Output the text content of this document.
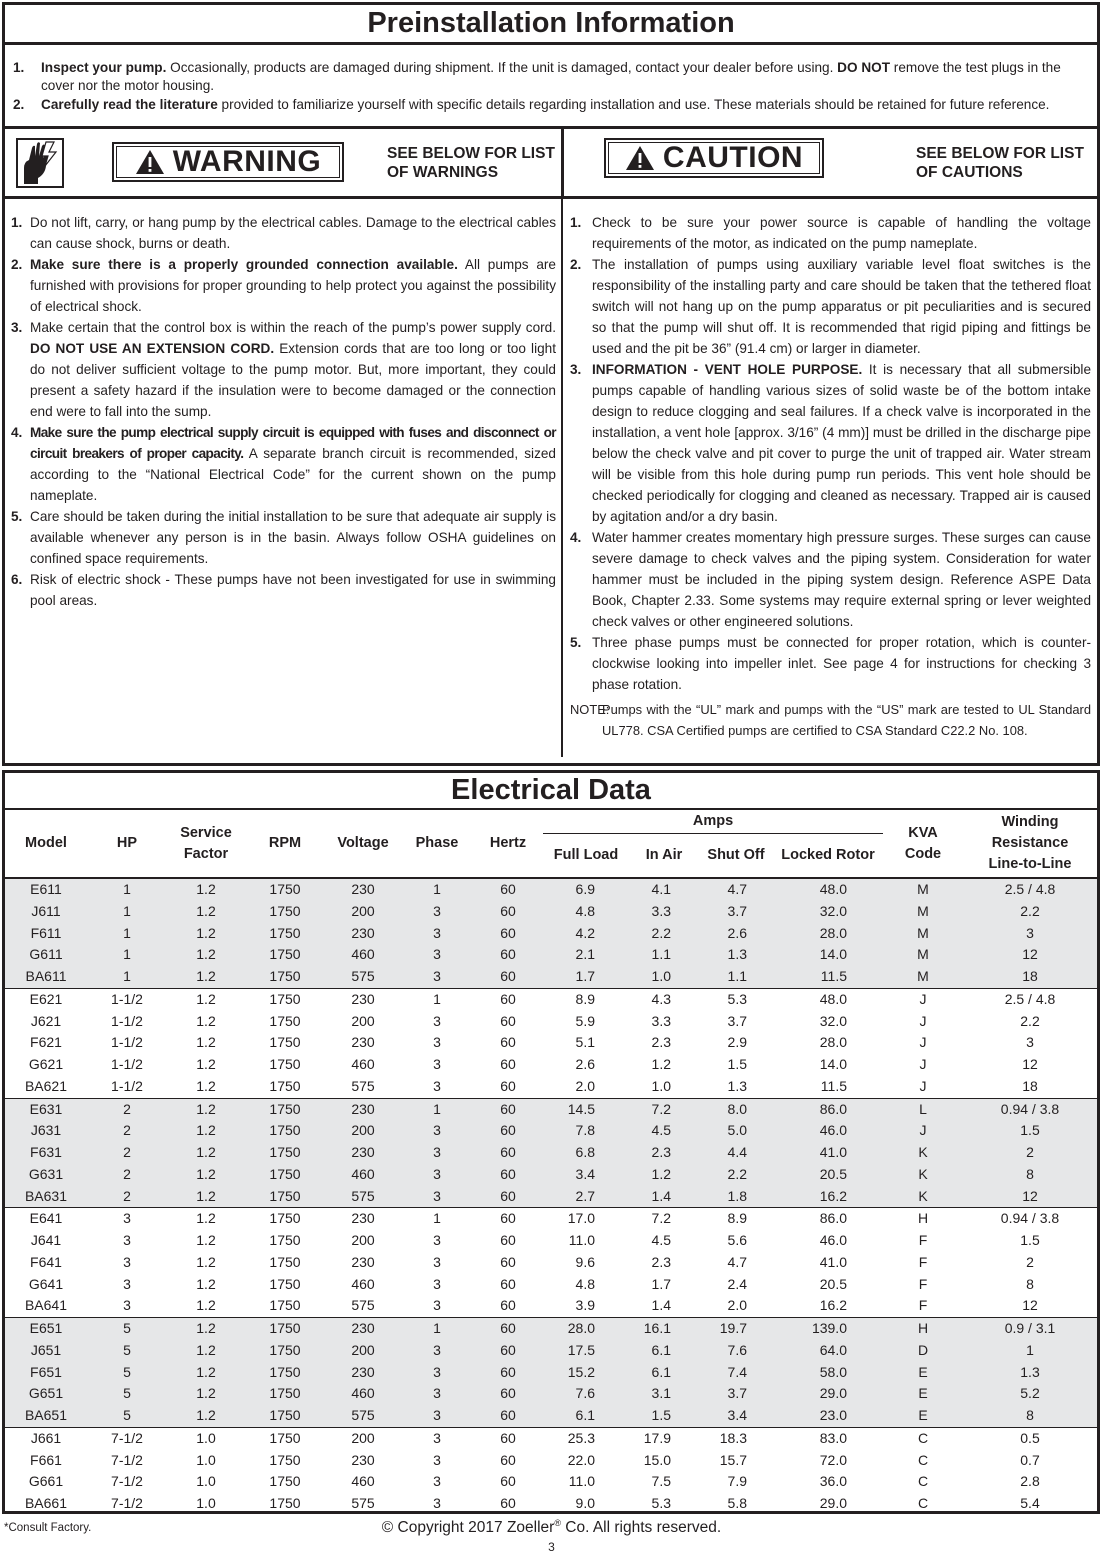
Preinstallation Information
1.	Inspect your pump. Occasionally, products are damaged during shipment. If the unit is damaged, contact your dealer before using. DO NOT remove the test plugs in the cover nor the motor housing.
2.	Carefully read the literature provided to familiarize yourself with specific details regarding installation and use. These materials should be retained for future reference.
WARNING	SEE BELOW FOR LIST OF WARNINGS	CAUTION	SEE BELOW FOR LIST OF CAUTIONS
1. Do not lift, carry, or hang pump by the electrical cables. Damage to the electrical cables can cause shock, burns or death.
2. Make sure there is a properly grounded connection available. All pumps are furnished with provisions for proper grounding to help protect you against the possibility of electrical shock.
3. Make certain that the control box is within the reach of the pump’s power supply cord. DO NOT USE AN EXTENSION CORD. Extension cords that are too long or too light do not deliver sufficient voltage to the pump motor. But, more important, they could present a safety hazard if the insulation were to become damaged or the connection end were to fall into the sump.
4. Make sure the pump electrical supply circuit is equipped with fuses and disconnect or circuit breakers of proper capacity. A separate branch circuit is recommended, sized according to the “National Electrical Code” for the current shown on the pump nameplate.
5. Care should be taken during the initial installation to be sure that adequate air supply is available whenever any person is in the basin. Always follow OSHA guidelines on confined space requirements.
6. Risk of electric shock - These pumps have not been investigated for use in swimming pool areas.
1. Check to be sure your power source is capable of handling the voltage requirements of the motor, as indicated on the pump nameplate.
2. The installation of pumps using auxiliary variable level float switches is the responsibility of the installing party and care should be taken that the tethered float switch will not hang up on the pump apparatus or pit peculiarities and is secured so that the pump will shut off. It is recommended that rigid piping and fittings be used and the pit be 36” (91.4 cm) or larger in diameter.
3. INFORMATION - VENT HOLE PURPOSE. It is necessary that all submersible pumps capable of handling various sizes of solid waste be of the bottom intake design to reduce clogging and seal failures. If a check valve is incorporated in the installation, a vent hole [approx. 3/16” (4 mm)] must be drilled in the discharge pipe below the check valve and pit cover to purge the unit of trapped air. Water stream will be visible from this hole during pump run periods. This vent hole should be checked periodically for clogging and cleaned as necessary. Trapped air is caused by agitation and/or a dry basin.
4. Water hammer creates momentary high pressure surges. These surges can cause severe damage to check valves and the piping system. Consideration for water hammer must be included in the piping system design. Reference ASPE Data Book, Chapter 2.33. Some systems may require external spring or lever weighted check valves or other engineered solutions.
5. Three phase pumps must be connected for proper rotation, which is counter-clockwise looking into impeller inlet. See page 4 for instructions for checking 3 phase rotation.
NOTE:
Pumps with the “UL” mark and pumps with the “US” mark are tested to UL Standard UL778. CSA Certified pumps are certified to CSA Standard C22.2 No. 108.
Electrical Data
Model	HP	Service Factor	RPM	Voltage	Phase	Hertz	Amps				KVA Code	Winding Resistance Line-to-Line
							Full Load	In Air	Shut Off	Locked Rotor		
E611	1	1.2	1750	230	1	60	6.9	4.1	4.7	48.0	M	2.5 / 4.8
J611	1	1.2	1750	200	3	60	4.8	3.3	3.7	32.0	M	2.2
F611	1	1.2	1750	230	3	60	4.2	2.2	2.6	28.0	M	3
G611	1	1.2	1750	460	3	60	2.1	1.1	1.3	14.0	M	12
BA611	1	1.2	1750	575	3	60	1.7	1.0	1.1	11.5	M	18
E621	1-1/2	1.2	1750	230	1	60	8.9	4.3	5.3	48.0	J	2.5 / 4.8
J621	1-1/2	1.2	1750	200	3	60	5.9	3.3	3.7	32.0	J	2.2
F621	1-1/2	1.2	1750	230	3	60	5.1	2.3	2.9	28.0	J	3
G621	1-1/2	1.2	1750	460	3	60	2.6	1.2	1.5	14.0	J	12
BA621	1-1/2	1.2	1750	575	3	60	2.0	1.0	1.3	11.5	J	18
E631	2	1.2	1750	230	1	60	14.5	7.2	8.0	86.0	L	0.94 / 3.8
J631	2	1.2	1750	200	3	60	7.8	4.5	5.0	46.0	J	1.5
F631	2	1.2	1750	230	3	60	6.8	2.3	4.4	41.0	K	2
G631	2	1.2	1750	460	3	60	3.4	1.2	2.2	20.5	K	8
BA631	2	1.2	1750	575	3	60	2.7	1.4	1.8	16.2	K	12
E641	3	1.2	1750	230	1	60	17.0	7.2	8.9	86.0	H	0.94 / 3.8
J641	3	1.2	1750	200	3	60	11.0	4.5	5.6	46.0	F	1.5
F641	3	1.2	1750	230	3	60	9.6	2.3	4.7	41.0	F	2
G641	3	1.2	1750	460	3	60	4.8	1.7	2.4	20.5	F	8
BA641	3	1.2	1750	575	3	60	3.9	1.4	2.0	16.2	F	12
E651	5	1.2	1750	230	1	60	28.0	16.1	19.7	139.0	H	0.9 / 3.1
J651	5	1.2	1750	200	3	60	17.5	6.1	7.6	64.0	D	1
F651	5	1.2	1750	230	3	60	15.2	6.1	7.4	58.0	E	1.3
G651	5	1.2	1750	460	3	60	7.6	3.1	3.7	29.0	E	5.2
BA651	5	1.2	1750	575	3	60	6.1	1.5	3.4	23.0	E	8
J661	7-1/2	1.0	1750	200	3	60	25.3	17.9	18.3	83.0	C	0.5
F661	7-1/2	1.0	1750	230	3	60	22.0	15.0	15.7	72.0	C	0.7
G661	7-1/2	1.0	1750	460	3	60	11.0	7.5	7.9	36.0	C	2.8
BA661	7-1/2	1.0	1750	575	3	60	9.0	5.3	5.8	29.0	C	5.4
*Consult Factory.	© Copyright 2017 Zoeller® Co. All rights reserved.
3
